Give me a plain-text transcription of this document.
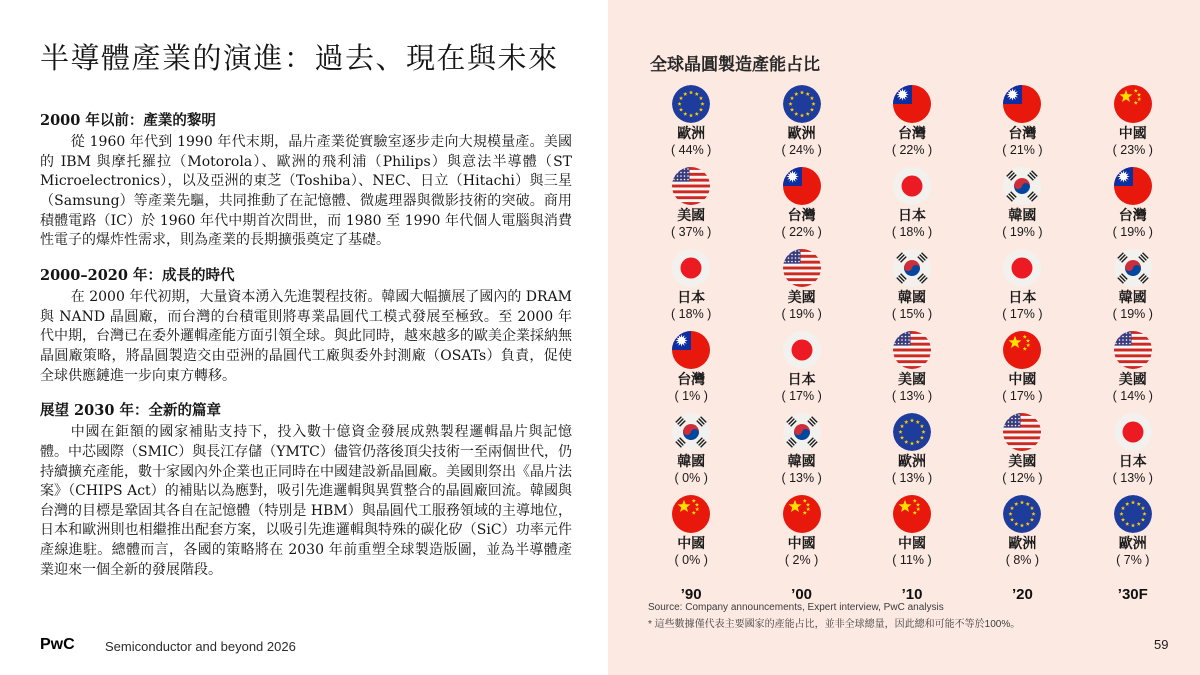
半導體產業的演進：過去、現在與未來
2000 年以前：產業的黎明

從 1960 年代到 1990 年代末期，晶片產業從實驗室逐步走向大規模量產。美國的 IBM 與摩托羅拉（Motorola）、歐洲的飛利浦（Philips）與意法半導體（ST Microelectronics），以及亞洲的東芝（Toshiba）、NEC、日立（Hitachi）與三星（Samsung）等產業先驅，共同推動了在記憶體、微處理器與微影技術的突破。商用積體電路（IC）於 1960 年代中期首次問世，而 1980 至 1990 年代個人電腦與消費性電子的爆炸性需求，則為產業的長期擴張奠定了基礎。

2000–2020 年：成長的時代

在 2000 年代初期，大量資本湧入先進製程技術。韓國大幅擴展了國內的 DRAM 與 NAND 晶圓廠，而台灣的台積電則將專業晶圓代工模式發展至極致。至 2000 年代中期，台灣已在委外邏輯產能方面引領全球。與此同時，越來越多的歐美企業採納無晶圓廠策略，將晶圓製造交由亞洲的晶圓代工廠與委外封測廠（OSATs）負責，促使全球供應鏈進一步向東方轉移。

展望 2030 年：全新的篇章

中國在鉅額的國家補貼支持下，投入數十億資金發展成熟製程邏輯晶片與記憶體。中芯國際（SMIC）與長江存儲（YMTC）儘管仍落後頂尖技術一至兩個世代，仍持續擴充產能，數十家國內外企業也正同時在中國建設新晶圓廠。美國則祭出《晶片法案》（CHIPS Act）的補貼以為應對，吸引先進邏輯與異質整合的晶圓廠回流。韓國與台灣的目標是鞏固其各自在記憶體（特別是 HBM）與晶圓代工服務領域的主導地位，日本和歐洲則也相繼推出配套方案，以吸引先進邏輯與特殊的碳化矽（SiC）功率元件產線進駐。總體而言，各國的策略將在 2030 年前重塑全球製造版圖，並為半導體產業迎來一個全新的發展階段。

PwC Semiconductor and beyond 2026
全球晶圓製造產能占比
歐洲
( 44% )
美國
( 37% )
日本
( 18% )
台灣
( 1% )
韓國
( 0% )
中國
( 0% )
’90
歐洲
( 24% )
台灣
( 22% )
美國
( 19% )
日本
( 17% )
韓國
( 13% )
中國
( 2% )
’00
台灣
( 22% )
日本
( 18% )
韓國
( 15% )
美國
( 13% )
歐洲
( 13% )
中國
( 11% )
’10
台灣
( 21% )
韓國
( 19% )
日本
( 17% )
中國
( 17% )
美國
( 12% )
歐洲
( 8% )
’20
中國
( 23% )
台灣
( 19% )
韓國
( 19% )
美國
( 14% )
日本
( 13% )
歐洲
( 7% )
’30F
Source: Company announcements, Expert interview, PwC analysis
* 這些數據僅代表主要國家的產能占比，並非全球總量，因此總和可能不等於100%。
59
